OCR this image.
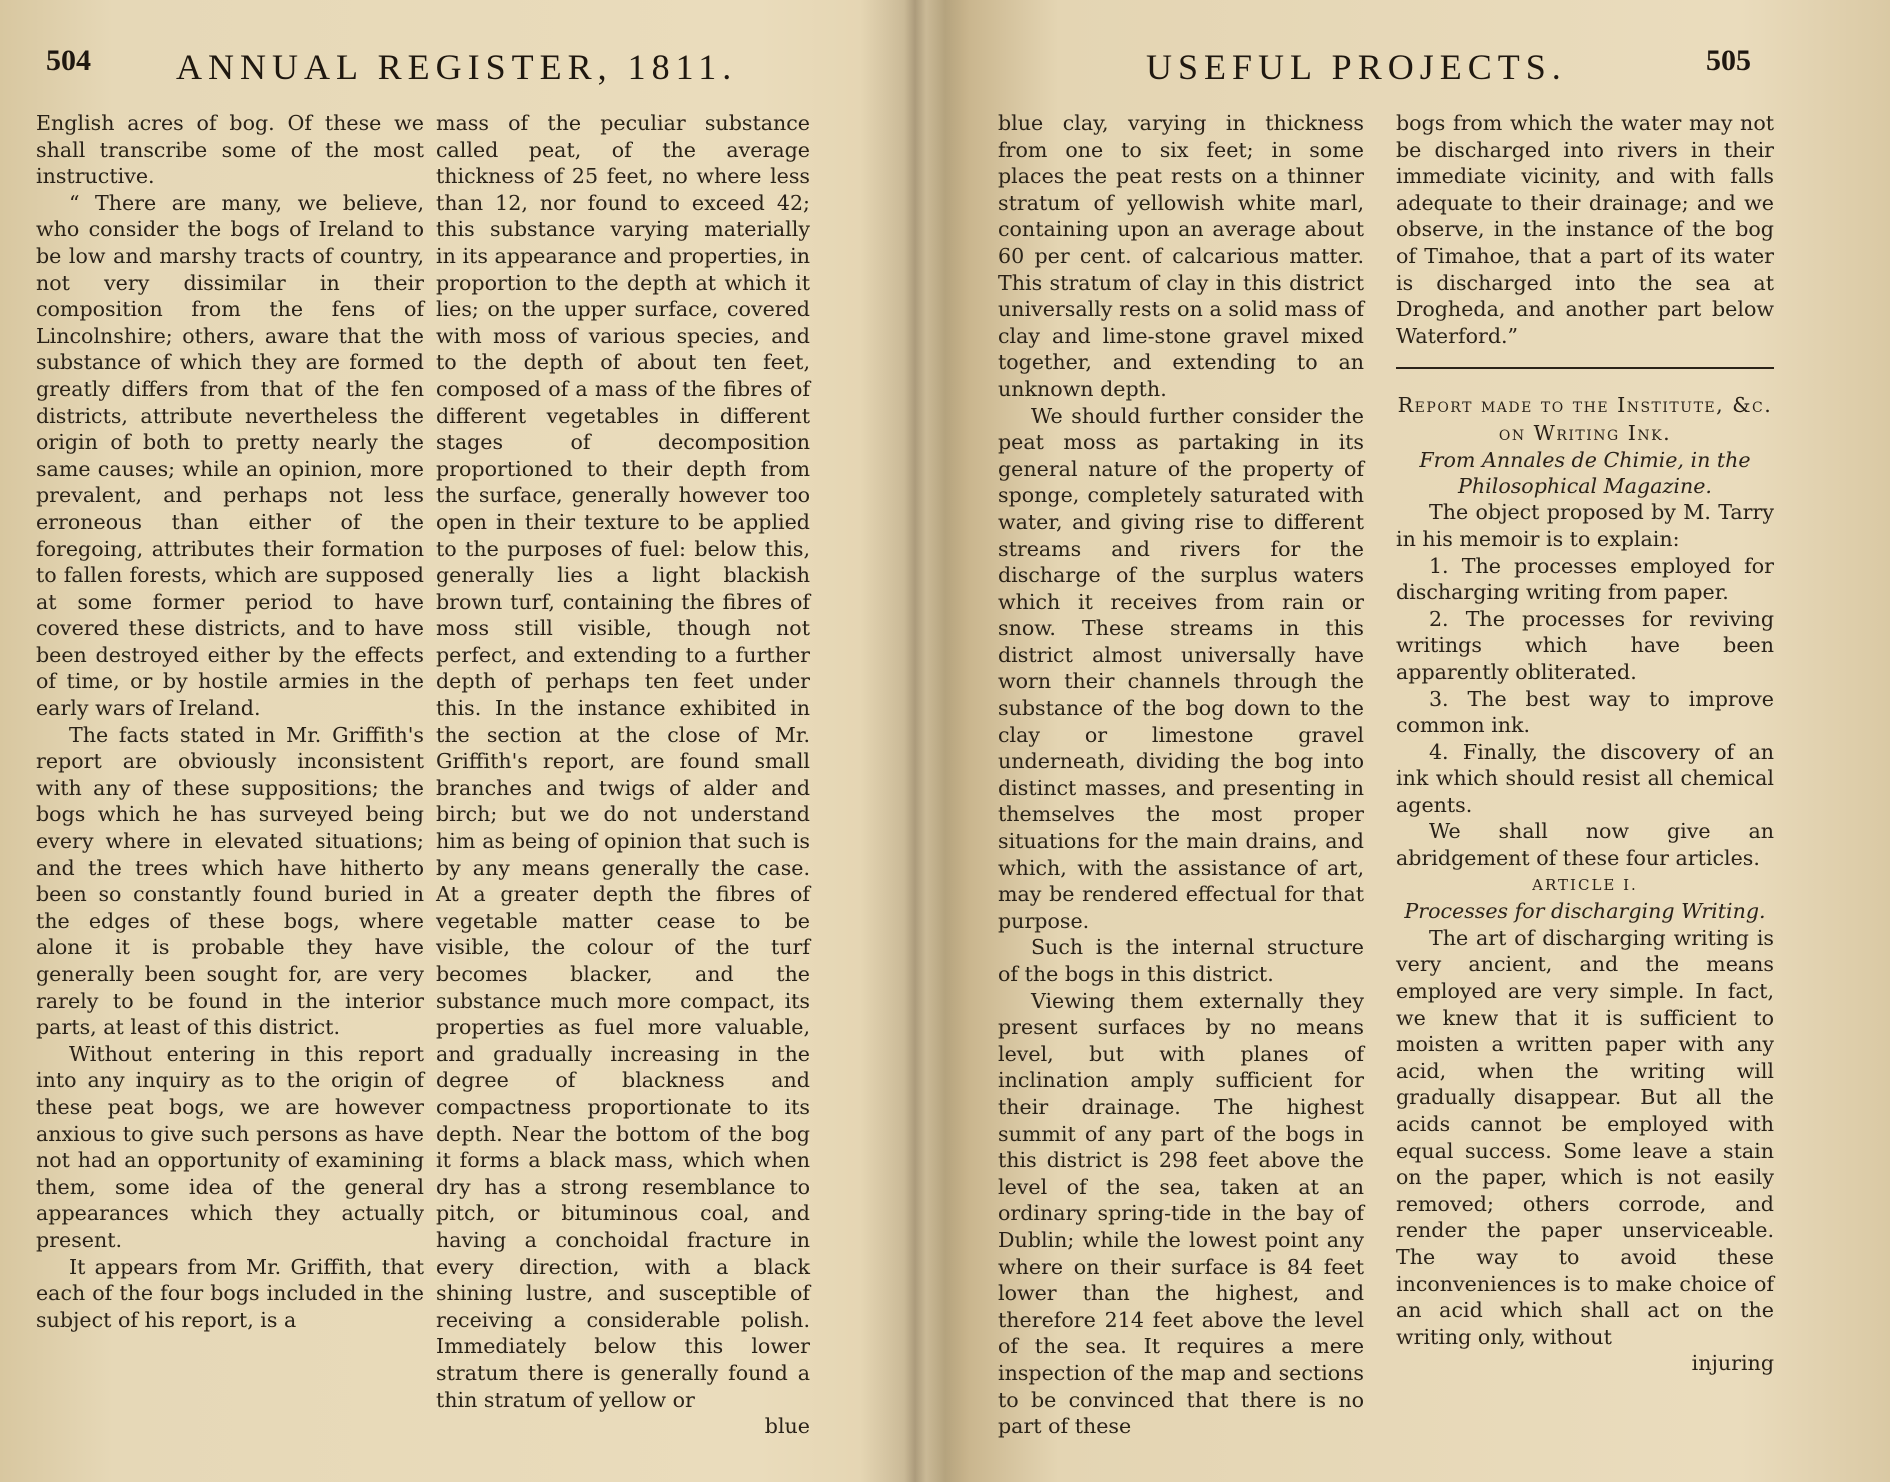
504 ANNUAL REGISTER, 1811.

English acres of bog. Of these we shall transcribe some of the most instructive.

“ There are many, we believe, who consider the bogs of Ireland to be low and marshy tracts of country, not very dissimilar in their composition from the fens of Lincolnshire; others, aware that the substance of which they are formed greatly differs from that of the fen districts, attribute nevertheless the origin of both to pretty nearly the same causes; while an opinion, more prevalent, and perhaps not less erroneous than either of the foregoing, attributes their formation to fallen forests, which are supposed at some former period to have covered these districts, and to have been destroyed either by the effects of time, or by hostile armies in the early wars of Ireland.

The facts stated in Mr. Griffith's report are obviously inconsistent with any of these suppositions; the bogs which he has surveyed being every where in elevated situations; and the trees which have hitherto been so constantly found buried in the edges of these bogs, where alone it is probable they have generally been sought for, are very rarely to be found in the interior parts, at least of this district.

Without entering in this report into any inquiry as to the origin of these peat bogs, we are however anxious to give such persons as have not had an opportunity of examining them, some idea of the general appearances which they actually present.

It appears from Mr. Griffith, that each of the four bogs included in the subject of his report, is a

mass of the peculiar substance called peat, of the average thickness of 25 feet, no where less than 12, nor found to exceed 42; this substance varying materially in its appearance and properties, in proportion to the depth at which it lies; on the upper surface, covered with moss of various species, and to the depth of about ten feet, composed of a mass of the fibres of different vegetables in different stages of decomposition proportioned to their depth from the surface, generally however too open in their texture to be applied to the purposes of fuel: below this, generally lies a light blackish brown turf, containing the fibres of moss still visible, though not perfect, and extending to a further depth of perhaps ten feet under this. In the instance exhibited in the section at the close of Mr. Griffith's report, are found small branches and twigs of alder and birch; but we do not understand him as being of opinion that such is by any means generally the case. At a greater depth the fibres of vegetable matter cease to be visible, the colour of the turf becomes blacker, and the substance much more compact, its properties as fuel more valuable, and gradually increasing in the degree of blackness and compactness proportionate to its depth. Near the bottom of the bog it forms a black mass, which when dry has a strong resemblance to pitch, or bituminous coal, and having a conchoidal fracture in every direction, with a black shining lustre, and susceptible of receiving a considerable polish. Immediately below this lower stratum there is generally found a thin stratum of yellow or

blue

USEFUL PROJECTS.	505

blue clay, varying in thickness from one to six feet; in some places the peat rests on a thinner stratum of yellowish white marl, containing upon an average about 60 per cent. of calcarious matter. This stratum of clay in this district universally rests on a solid mass of clay and lime-stone gravel mixed together, and extending to an unknown depth.

We should further consider the peat moss as partaking in its general nature of the property of sponge, completely saturated with water, and giving rise to different streams and rivers for the discharge of the surplus waters which it receives from rain or snow. These streams in this district almost universally have worn their channels through the substance of the bog down to the clay or limestone gravel underneath, dividing the bog into distinct masses, and presenting in themselves the most proper situations for the main drains, and which, with the assistance of art, may be rendered effectual for that purpose.

Such is the internal structure of the bogs in this district.

Viewing them externally they present surfaces by no means level, but with planes of inclination amply sufficient for their drainage. The highest summit of any part of the bogs in this district is 298 feet above the level of the sea, taken at an ordinary spring-tide in the bay of Dublin; while the lowest point any where on their surface is 84 feet lower than the highest, and therefore 214 feet above the level of the sea. It requires a mere inspection of the map and sections to be convinced that there is no part of these

bogs from which the water may not be discharged into rivers in their immediate vicinity, and with falls adequate to their drainage; and we observe, in the instance of the bog of Timahoe, that a part of its water is discharged into the sea at Drogheda, and another part below Waterford.”

Report made to the Institute, &c. on Writing Ink.

From Annales de Chimie, in the Philosophical Magazine.

The object proposed by M. Tarry in his memoir is to explain:

1. The processes employed for discharging writing from paper.

2. The processes for reviving writings which have been apparently obliterated.

3. The best way to improve common ink.

4. Finally, the discovery of an ink which should resist all chemical agents.

We shall now give an abridgement of these four articles.

ARTICLE I.

Processes for discharging Writing.

The art of discharging writing is very ancient, and the means employed are very simple. In fact, we knew that it is sufficient to moisten a written paper with any acid, when the writing will gradually disappear. But all the acids cannot be employed with equal success. Some leave a stain on the paper, which is not easily removed; others corrode, and render the paper unserviceable. The way to avoid these inconveniences is to make choice of an acid which shall act on the writing only, without

injuring
